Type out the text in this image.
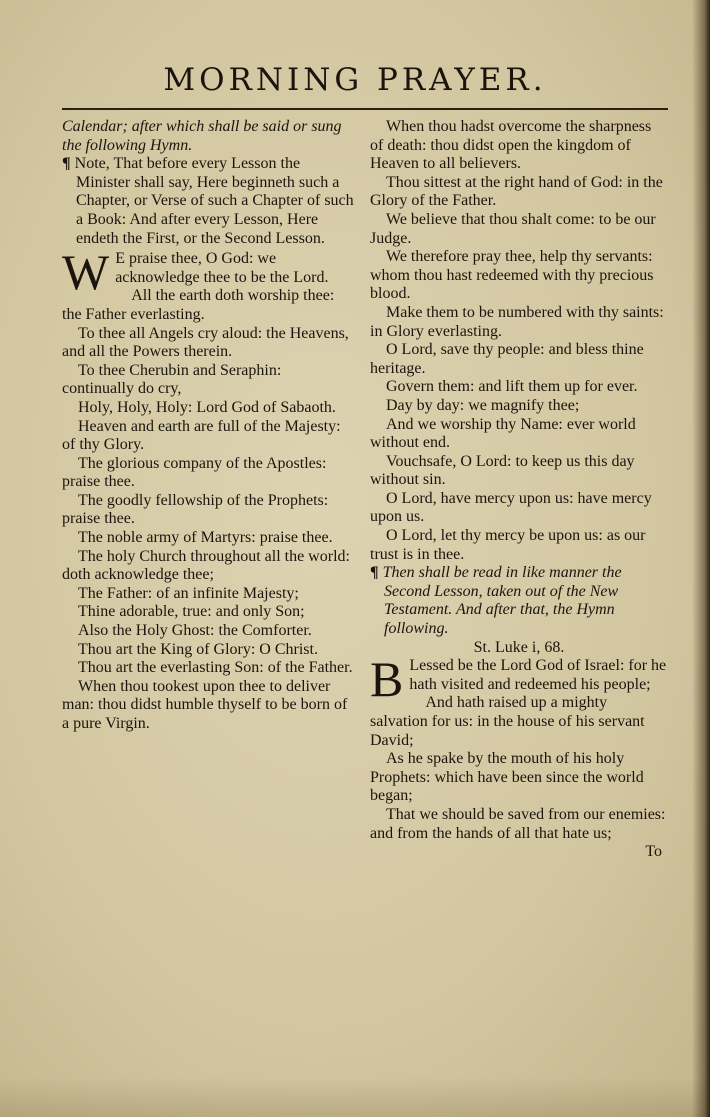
MORNING PRAYER.

Calendar; after which shall be said or sung the following Hymn.

¶ Note, That before every Lesson the Minister shall say, Here beginneth such a Chapter, or Verse of such a Chapter of such a Book: And after every Lesson, Here endeth the First, or the Second Lesson.

W E praise thee, O God: we acknowledge thee to be the Lord.

All the earth doth worship thee: the Father everlasting.

To thee all Angels cry aloud: the Heavens, and all the Powers therein.

To thee Cherubin and Seraphin: continually do cry,

Holy, Holy, Holy: Lord God of Sabaoth.

Heaven and earth are full of the Majesty: of thy Glory.

The glorious company of the Apostles: praise thee.

The goodly fellowship of the Prophets: praise thee.

The noble army of Martyrs: praise thee.

The holy Church throughout all the world: doth acknowledge thee;

The Father: of an infinite Majesty;

Thine adorable, true: and only Son;

Also the Holy Ghost: the Comforter.

Thou art the King of Glory: O Christ.

Thou art the everlasting Son: of the Father.

When thou tookest upon thee to deliver man: thou didst humble thyself to be born of a pure Virgin.

When thou hadst overcome the sharpness of death: thou didst open the kingdom of Heaven to all believers.

Thou sittest at the right hand of God: in the Glory of the Father.

We believe that thou shalt come: to be our Judge.

We therefore pray thee, help thy servants: whom thou hast redeemed with thy precious blood.

Make them to be numbered with thy saints: in Glory everlasting.

O Lord, save thy people: and bless thine heritage.

Govern them: and lift them up for ever.

Day by day: we magnify thee;

And we worship thy Name: ever world without end.

Vouchsafe, O Lord: to keep us this day without sin.

O Lord, have mercy upon us: have mercy upon us.

O Lord, let thy mercy be upon us: as our trust is in thee.

¶ Then shall be read in like manner the Second Lesson, taken out of the New Testament. And after that, the Hymn following.

St. Luke i, 68.

B Lessed be the Lord God of Israel: for he hath visited and redeemed his people;

And hath raised up a mighty salvation for us: in the house of his servant David;

As he spake by the mouth of his holy Prophets: which have been since the world began;

That we should be saved from our enemies: and from the hands of all that hate us;

To
